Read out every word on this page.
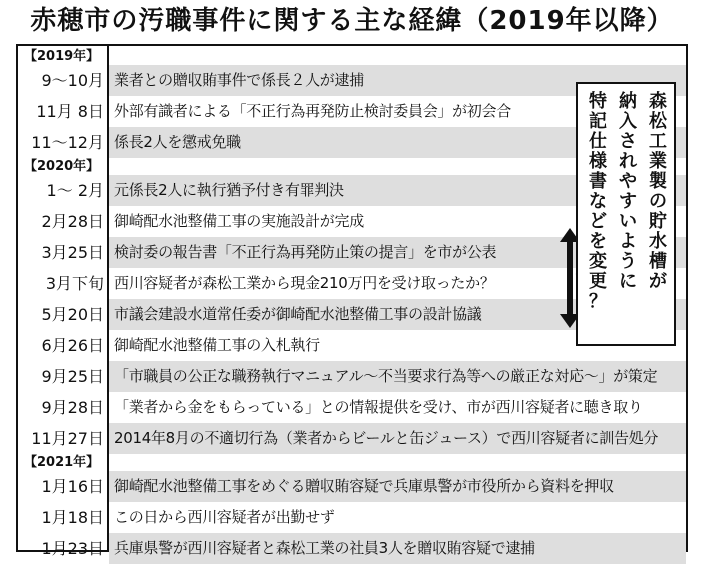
赤穂市の汚職事件に関する主な経緯（2019年以降）
【2019年】
9〜10月 業者との贈収賄事件で係長２人が逮捕
11月 8日 外部有識者による「不正行為再発防止検討委員会」が初会合
11〜12月 係長2人を懲戒免職
【2020年】
1〜 2月 元係長2人に執行猶予付き有罪判決
2月28日 御崎配水池整備工事の実施設計が完成
3月25日 検討委の報告書「不正行為再発防止策の提言」を市が公表
3月下旬 西川容疑者が森松工業から現金210万円を受け取ったか？
5月20日 市議会建設水道常任委が御崎配水池整備工事の設計協議
6月26日 御崎配水池整備工事の入札執行
9月25日 「市職員の公正な職務執行マニュアル〜不当要求行為等への厳正な対応〜」が策定
9月28日 「業者から金をもらっている」との情報提供を受け、市が西川容疑者に聴き取り
11月27日 2014年8月の不適切行為（業者からビールと缶ジュース）で西川容疑者に訓告処分
【2021年】
1月16日 御崎配水池整備工事をめぐる贈収賄容疑で兵庫県警が市役所から資料を押収
1月18日 この日から西川容疑者が出勤せず
1月23日 兵庫県警が西川容疑者と森松工業の社員3人を贈収賄容疑で逮捕
森
松
工
業
製
の
貯
水
槽
が
納
入
さ
れ
や
す
い
よ
う
に
特
記
仕
様
書
な
ど
を
変
更
？
